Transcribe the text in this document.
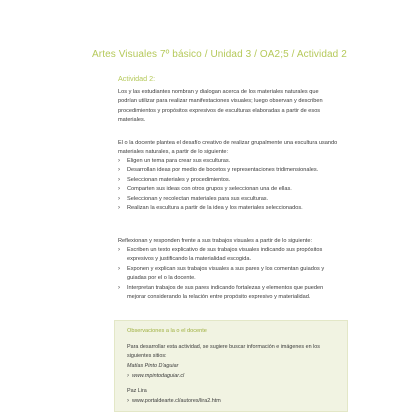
Artes Visuales 7º básico / Unidad 3 / OA2;5 / Actividad 2
Actividad 2:
Los y las estudiantes nombran y dialogan acerca de los materiales naturales que podrían utilizar para realizar manifestaciones visuales; luego observan y describen procedimientos y propósitos expresivos de esculturas elaboradas a partir de esos materiales.
El o la docente plantea el desafío creativo de realizar grupalmente una escultura usando materiales naturales, a partir de lo siguiente:
› Eligen un tema para crear sus esculturas.
› Desarrollan ideas por medio de bocetos y representaciones tridimensionales.
› Seleccionan materiales y procedimientos.
› Comparten sus ideas con otros grupos y seleccionan una de ellas.
› Seleccionan y recolectan materiales para sus esculturas.
› Realizan la escultura a partir de la idea y los materiales seleccionados.
Reflexionan y responden frente a sus trabajos visuales a partir de lo siguiente:
› Escriben un texto explicativo de sus trabajos visuales indicando sus propósitos expresivos y justificando la materialidad escogida.
› Exponen y explican sus trabajos visuales a sus pares y los comentan guiados y guiadas por el o la docente.
› Interpretan trabajos de sus pares indicando fortalezas y elementos que pueden mejorar considerando la relación entre propósito expresivo y materialidad.
Observaciones a la o el docente
Para desarrollar esta actividad, se sugiere buscar información e imágenes en los siguientes sitios:
Matías Pinto D'aguiar
› www.mpintodaguiar.cl
Paz Lira
› www.portaldearte.cl/autores/lira2.htm
